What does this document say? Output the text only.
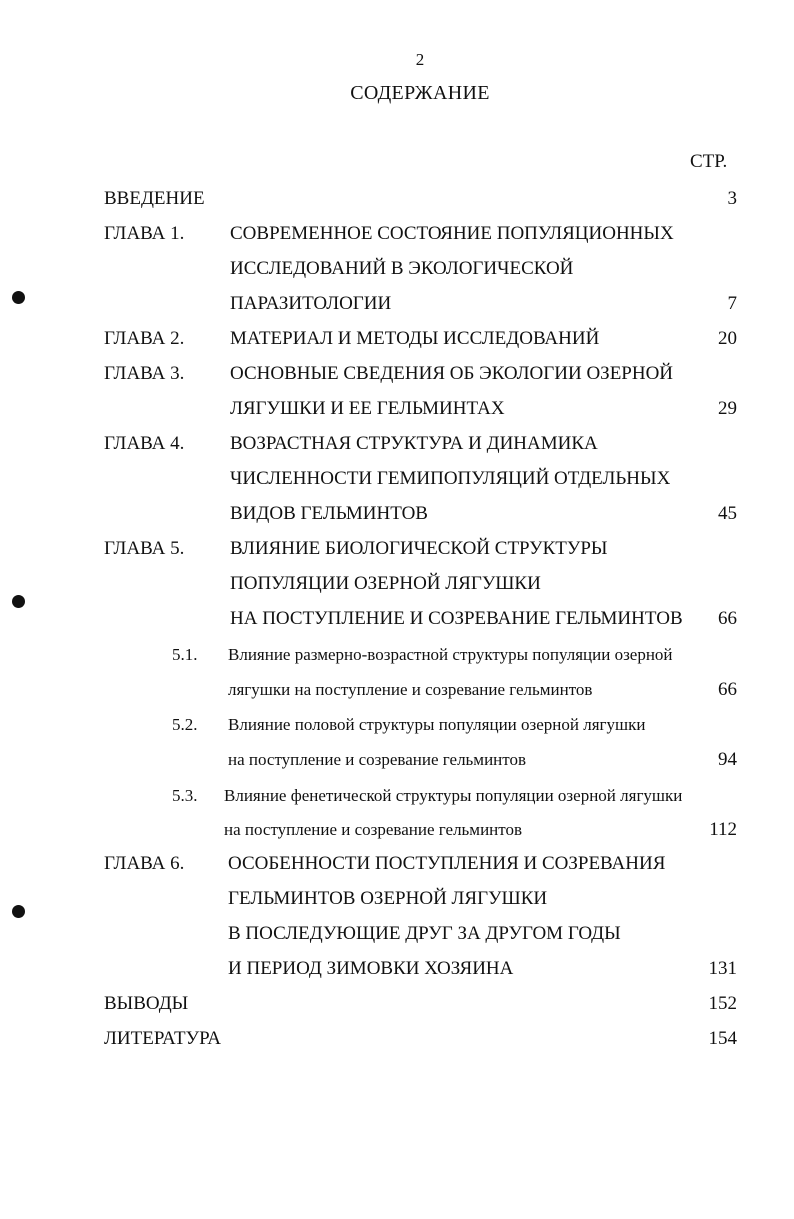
2
СОДЕРЖАНИЕ
СТР.
ВВЕДЕНИЕ	3
ГЛАВА 1. СОВРЕМЕННОЕ СОСТОЯНИЕ ПОПУЛЯЦИОННЫХ
ИССЛЕДОВАНИЙ В ЭКОЛОГИЧЕСКОЙ
ПАРАЗИТОЛОГИИ	7
ГЛАВА 2. МАТЕРИАЛ И МЕТОДЫ ИССЛЕДОВАНИЙ	20
ГЛАВА 3. ОСНОВНЫЕ СВЕДЕНИЯ ОБ ЭКОЛОГИИ ОЗЕРНОЙ
ЛЯГУШКИ И ЕЕ ГЕЛЬМИНТАХ	29
ГЛАВА 4. ВОЗРАСТНАЯ СТРУКТУРА И ДИНАМИКА
ЧИСЛЕННОСТИ ГЕМИПОПУЛЯЦИЙ ОТДЕЛЬНЫХ
ВИДОВ ГЕЛЬМИНТОВ	45
ГЛАВА 5. ВЛИЯНИЕ БИОЛОГИЧЕСКОЙ СТРУКТУРЫ
ПОПУЛЯЦИИ ОЗЕРНОЙ ЛЯГУШКИ
НА ПОСТУПЛЕНИЕ И СОЗРЕВАНИЕ ГЕЛЬМИНТОВ 66
5.1. Влияние размерно-возрастной структуры популяции озерной
лягушки на поступление и созревание гельминтов	66
5.2. Влияние половой структуры популяции озерной лягушки
на поступление и созревание гельминтов	94
5.3. Влияние фенетической структуры популяции озерной лягушки
на поступление и созревание гельминтов	112
ГЛАВА 6. ОСОБЕННОСТИ ПОСТУПЛЕНИЯ И СОЗРЕВАНИЯ
ГЕЛЬМИНТОВ ОЗЕРНОЙ ЛЯГУШКИ
В ПОСЛЕДУЮЩИЕ ДРУГ ЗА ДРУГОМ ГОДЫ
И ПЕРИОД ЗИМОВКИ ХОЗЯИНА	131
ВЫВОДЫ	152
ЛИТЕРАТУРА	154
